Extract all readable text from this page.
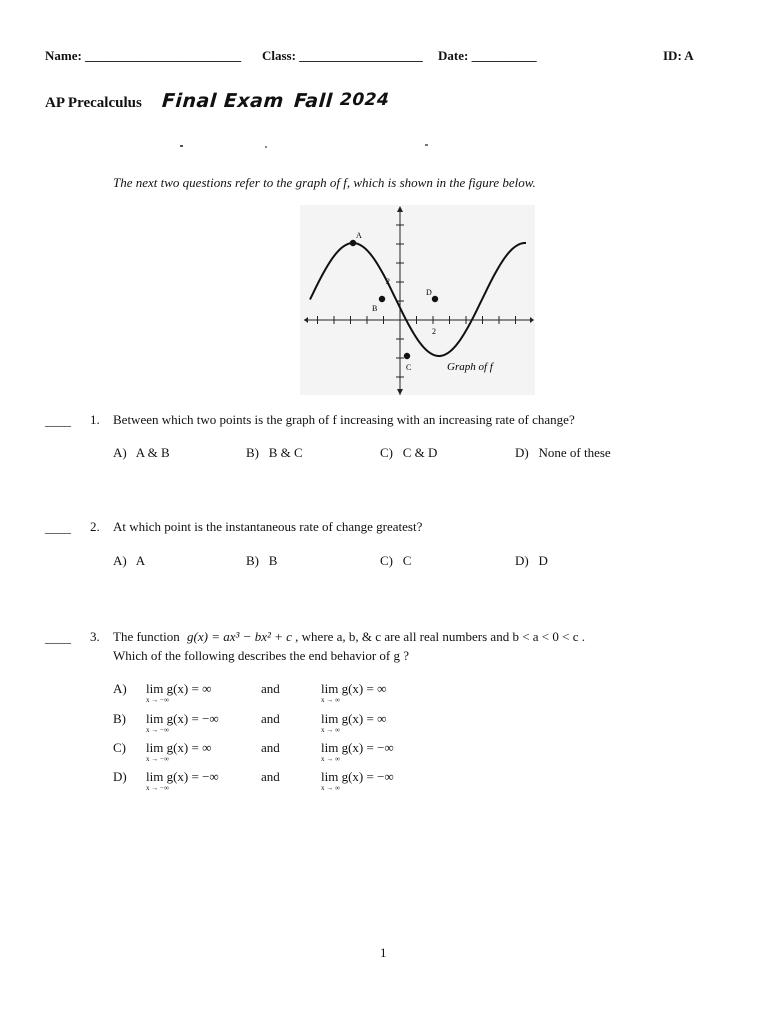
Name: ________________________ Class: ___________________ Date: __________	ID: A
AP Precalculus Final Exam Fall 2024
The next two questions refer to the graph of f, which is shown in the figure below.
A
B
C
D
2
2
Graph of f
____ 1. Between which two points is the graph of f increasing with an increasing rate of change?
A) A & B	B) B & C	C) C & D	D) None of these
____ 2. At which point is the instantaneous rate of change greatest?
A) A	B) B	C) C	D) D
____ 3. The function g(x) = ax³ − bx² + c , where a, b, & c are all real numbers and b < a < 0 < c .
Which of the following describes the end behavior of g ?
A) lim g(x) = ∞
x → −∞
and	lim g(x) = ∞
x → ∞
B) lim g(x) = −∞
x → −∞
and	lim g(x) = ∞
x → ∞
C) lim g(x) = ∞
x → −∞
and	lim g(x) = −∞
x → ∞
D) lim g(x) = −∞
x → −∞
and	lim g(x) = −∞
x → ∞
1
